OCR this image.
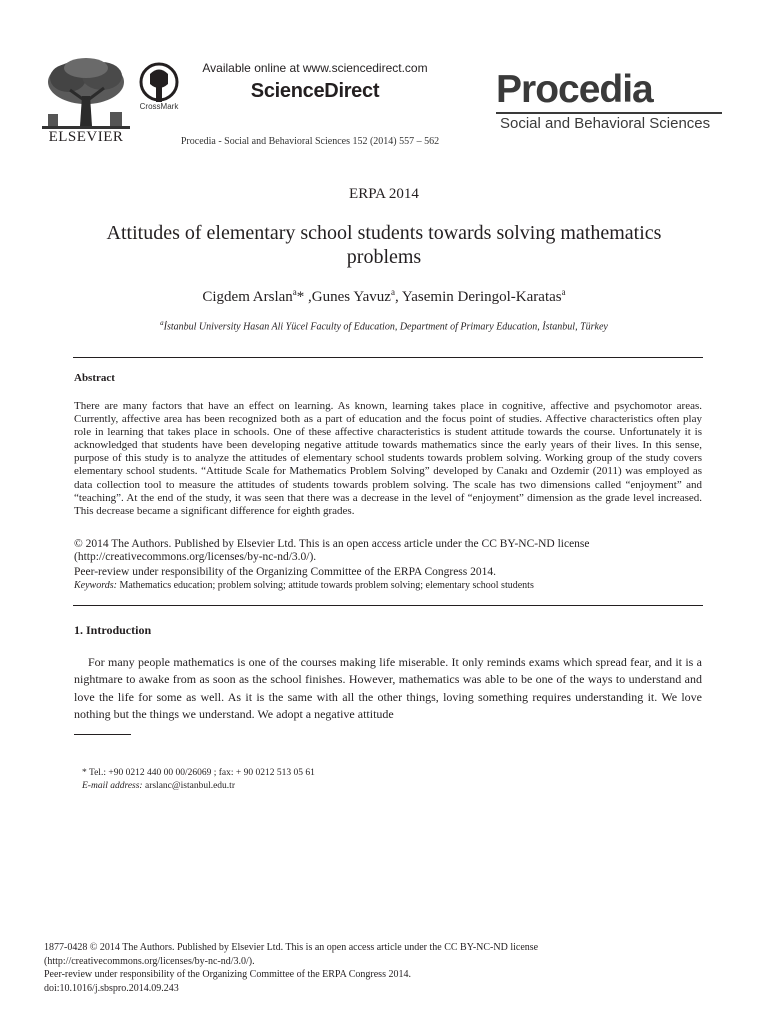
ELSEVIER
CrossMark
Available online at www.sciencedirect.com
ScienceDirect
Procedia - Social and Behavioral Sciences 152 (2014) 557 – 562
Procedia
Social and Behavioral Sciences
ERPA 2014
Attitudes of elementary school students towards solving mathematics problems
Cigdem Arslan$^a$* ,Gunes Yavuz$^a$, Yasemin Deringol-Karatas$^a$
$^a$İstanbul University Hasan Ali Yücel Faculty of Education, Department of Primary Education, İstanbul, Türkey
Abstract
There are many factors that have an effect on learning. As known, learning takes place in cognitive, affective and psychomotor areas. Currently, affective area has been recognized both as a part of education and the focus point of studies. Affective characteristics often play role in learning that takes place in schools. One of these affective characteristics is student attitude towards the course. Unfortunately it is acknowledged that students have been developing negative attitude towards mathematics since the early years of their lives. In this sense, purpose of this study is to analyze the attitudes of elementary school students towards problem solving. Working group of the study covers elementary school students. “Attitude Scale for Mathematics Problem Solving” developed by Canakı and Ozdemir (2011) was employed as data collection tool to measure the attitudes of students towards problem solving. The scale has two dimensions called “enjoyment” and “teaching”. At the end of the study, it was seen that there was a decrease in the level of “enjoyment” dimension as the grade level increased. This decrease became a significant difference for eighth grades.
© 2014 The Authors. Published by Elsevier Ltd. This is an open access article under the CC BY-NC-ND license (http://creativecommons.org/licenses/by-nc-nd/3.0/).
Peer-review under responsibility of the Organizing Committee of the ERPA Congress 2014.
Keywords: Mathematics education; problem solving; attitude towards problem solving; elementary school students
1. Introduction
For many people mathematics is one of the courses making life miserable. It only reminds exams which spread fear, and it is a nightmare to awake from as soon as the school finishes. However, mathematics was able to be one of the ways to understand and love the life for some as well. As it is the same with all the other things, loving something requires understanding it. We love nothing but the things we understand. We adopt a negative attitude
* Tel.: +90 0212 440 00 00/26069 ; fax: + 90 0212 513 05 61
E-mail address: arslanc@istanbul.edu.tr
1877-0428 © 2014 The Authors. Published by Elsevier Ltd. This is an open access article under the CC BY-NC-ND license
(http://creativecommons.org/licenses/by-nc-nd/3.0/).
Peer-review under responsibility of the Organizing Committee of the ERPA Congress 2014.
doi:10.1016/j.sbspro.2014.09.243
